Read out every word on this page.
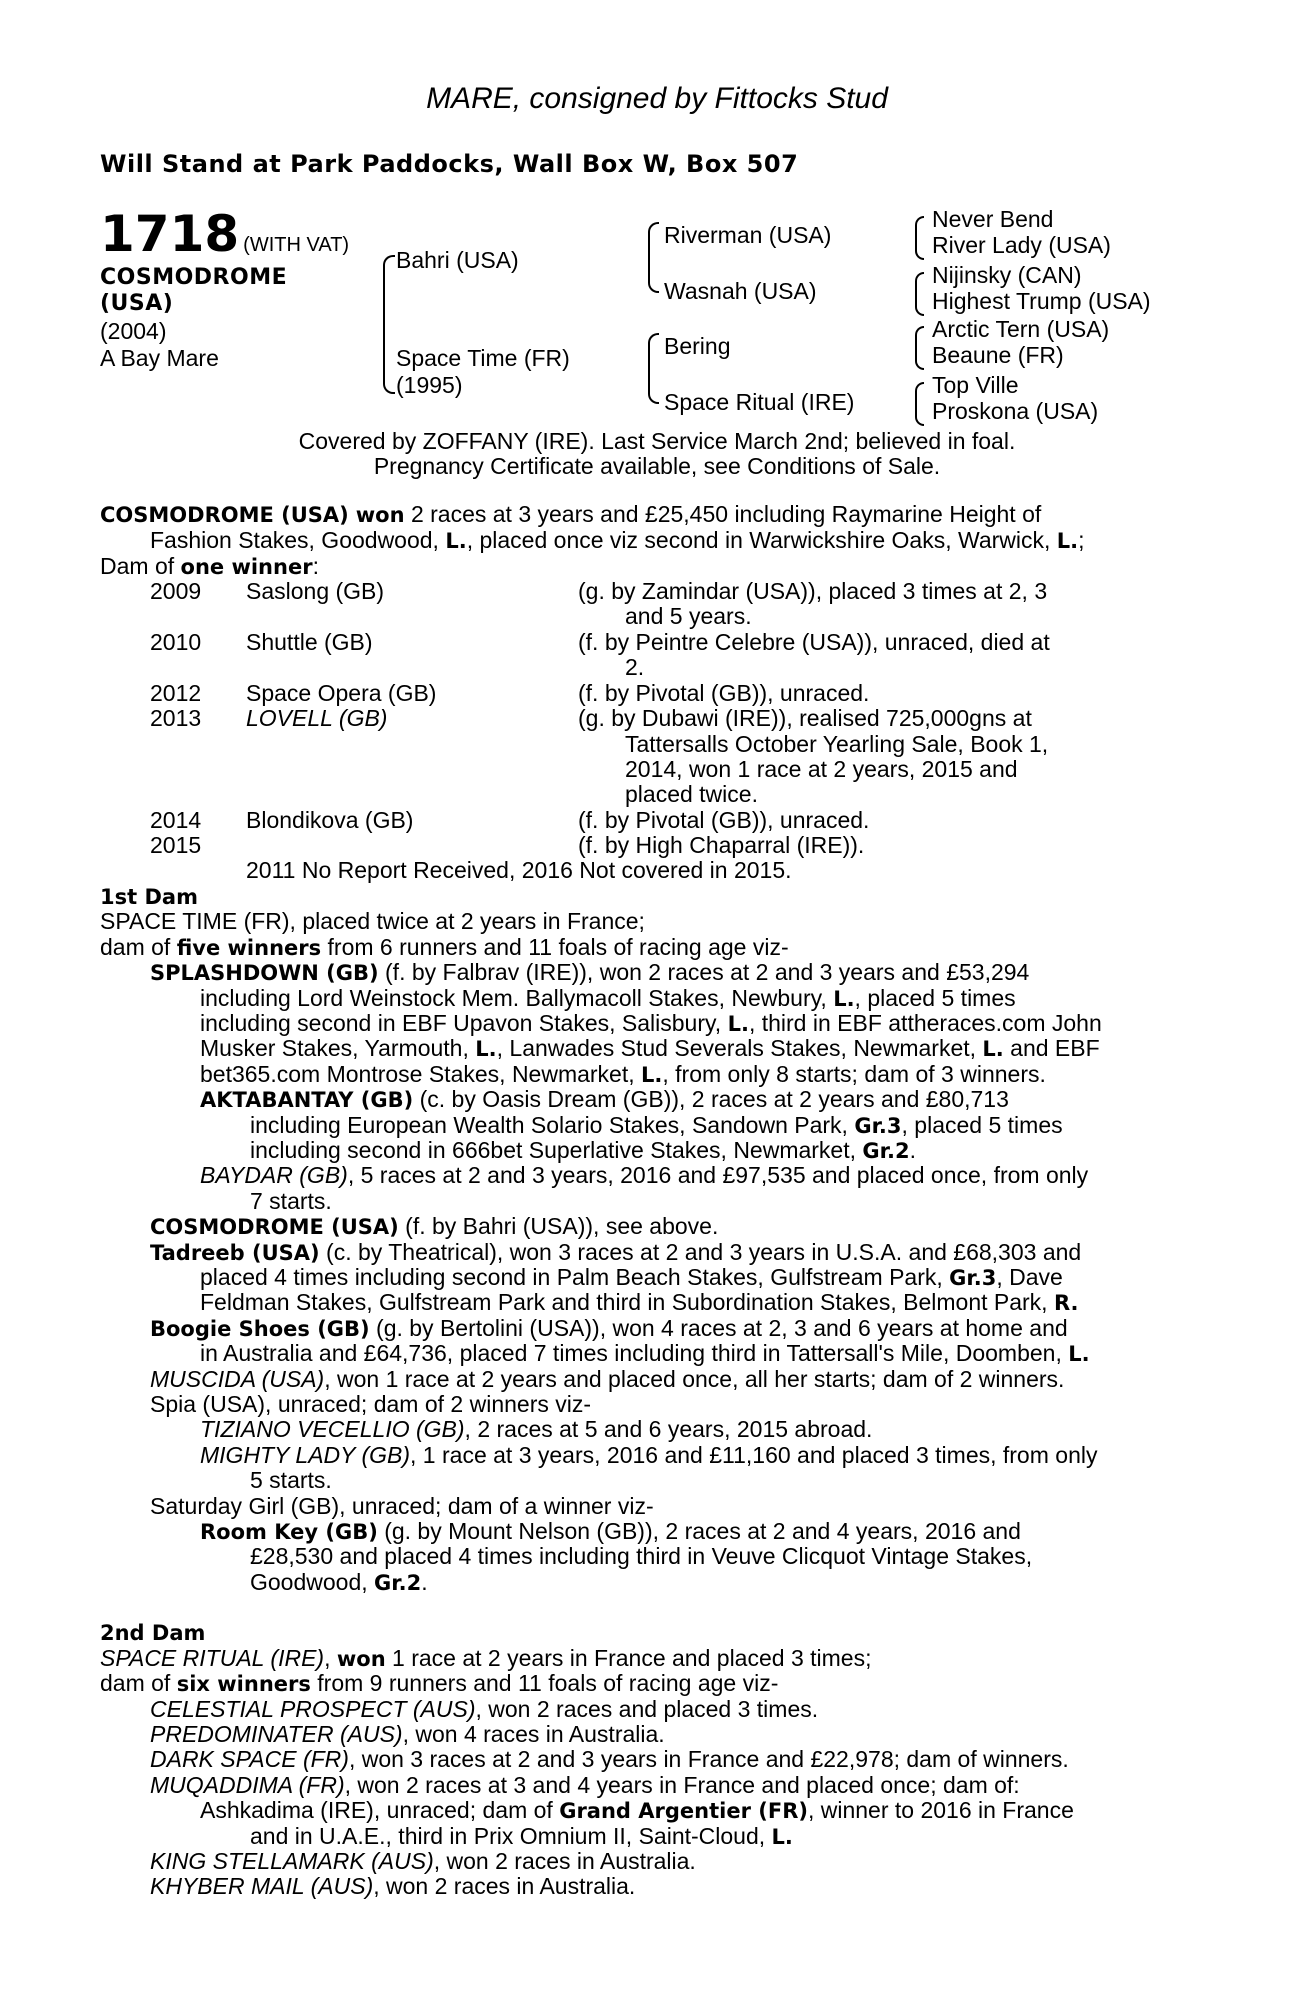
MARE, consigned by Fittocks Stud
Will Stand at Park Paddocks, Wall Box W, Box 507
1718 (WITH VAT)
COSMODROME
(USA)
(2004)
A Bay Mare
Bahri (USA)
Space Time (FR)
(1995)
Riverman (USA)
Wasnah (USA)
Bering
Space Ritual (IRE)
Never Bend
River Lady (USA)
Nijinsky (CAN)
Highest Trump (USA)
Arctic Tern (USA)
Beaune (FR)
Top Ville
Proskona (USA)
Covered by ZOFFANY (IRE). Last Service March 2nd; believed in foal.
Pregnancy Certificate available, see Conditions of Sale.
COSMODROME (USA) won 2 races at 3 years and £25,450 including Raymarine Height of
Fashion Stakes, Goodwood, L., placed once viz second in Warwickshire Oaks, Warwick, L.;
Dam of one winner:
2009 Saslong (GB)	(g. by Zamindar (USA)), placed 3 times at 2, 3
and 5 years.
2010 Shuttle (GB)	(f. by Peintre Celebre (USA)), unraced, died at
2.
2012 Space Opera (GB)	(f. by Pivotal (GB)), unraced.
2013 LOVELL (GB)	(g. by Dubawi (IRE)), realised 725,000gns at
Tattersalls October Yearling Sale, Book 1,
2014, won 1 race at 2 years, 2015 and
placed twice.
2014 Blondikova (GB)	(f. by Pivotal (GB)), unraced.
2015	(f. by High Chaparral (IRE)).
2011 No Report Received, 2016 Not covered in 2015.
1st Dam
SPACE TIME (FR), placed twice at 2 years in France;
dam of five winners from 6 runners and 11 foals of racing age viz-
SPLASHDOWN (GB) (f. by Falbrav (IRE)), won 2 races at 2 and 3 years and £53,294
including Lord Weinstock Mem. Ballymacoll Stakes, Newbury, L., placed 5 times
including second in EBF Upavon Stakes, Salisbury, L., third in EBF attheraces.com John
Musker Stakes, Yarmouth, L., Lanwades Stud Severals Stakes, Newmarket, L. and EBF
bet365.com Montrose Stakes, Newmarket, L., from only 8 starts; dam of 3 winners.
AKTABANTAY (GB) (c. by Oasis Dream (GB)), 2 races at 2 years and £80,713
including European Wealth Solario Stakes, Sandown Park, Gr.3, placed 5 times
including second in 666bet Superlative Stakes, Newmarket, Gr.2.
BAYDAR (GB), 5 races at 2 and 3 years, 2016 and £97,535 and placed once, from only
7 starts.
COSMODROME (USA) (f. by Bahri (USA)), see above.
Tadreeb (USA) (c. by Theatrical), won 3 races at 2 and 3 years in U.S.A. and £68,303 and
placed 4 times including second in Palm Beach Stakes, Gulfstream Park, Gr.3, Dave
Feldman Stakes, Gulfstream Park and third in Subordination Stakes, Belmont Park, R.
Boogie Shoes (GB) (g. by Bertolini (USA)), won 4 races at 2, 3 and 6 years at home and
in Australia and £64,736, placed 7 times including third in Tattersall's Mile, Doomben, L.
MUSCIDA (USA), won 1 race at 2 years and placed once, all her starts; dam of 2 winners.
Spia (USA), unraced; dam of 2 winners viz-
TIZIANO VECELLIO (GB), 2 races at 5 and 6 years, 2015 abroad.
MIGHTY LADY (GB), 1 race at 3 years, 2016 and £11,160 and placed 3 times, from only
5 starts.
Saturday Girl (GB), unraced; dam of a winner viz-
Room Key (GB) (g. by Mount Nelson (GB)), 2 races at 2 and 4 years, 2016 and
£28,530 and placed 4 times including third in Veuve Clicquot Vintage Stakes,
Goodwood, Gr.2.
2nd Dam
SPACE RITUAL (IRE), won 1 race at 2 years in France and placed 3 times;
dam of six winners from 9 runners and 11 foals of racing age viz-
CELESTIAL PROSPECT (AUS), won 2 races and placed 3 times.
PREDOMINATER (AUS), won 4 races in Australia.
DARK SPACE (FR), won 3 races at 2 and 3 years in France and £22,978; dam of winners.
MUQADDIMA (FR), won 2 races at 3 and 4 years in France and placed once; dam of:
Ashkadima (IRE), unraced; dam of Grand Argentier (FR), winner to 2016 in France
and in U.A.E., third in Prix Omnium II, Saint-Cloud, L.
KING STELLAMARK (AUS), won 2 races in Australia.
KHYBER MAIL (AUS), won 2 races in Australia.
